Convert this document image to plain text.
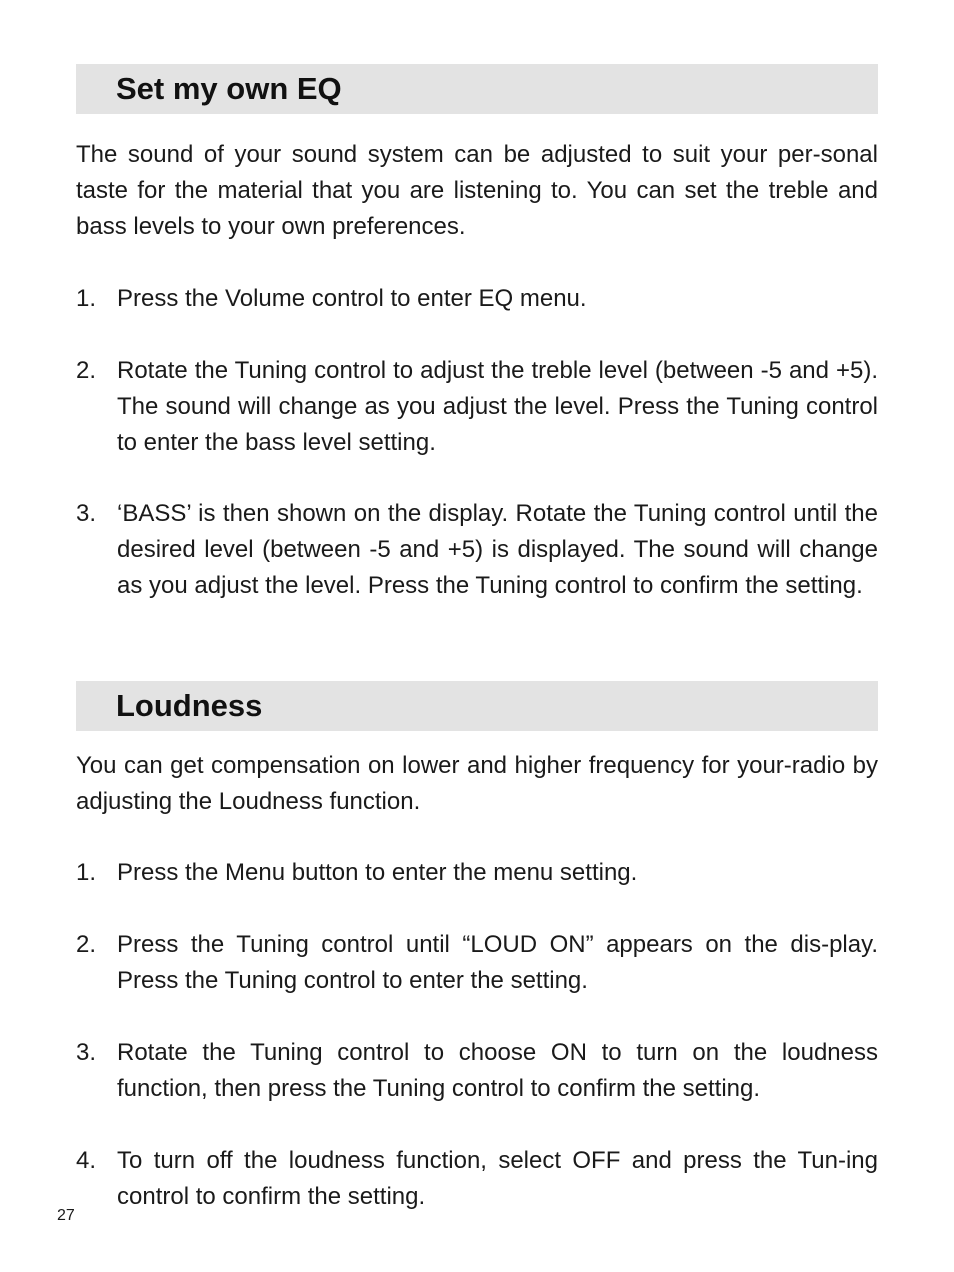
Set my own EQ

The sound of your sound system can be adjusted to suit your per-sonal taste for the material that you are listening to. You can set the treble and bass levels to your own preferences.

1. Press the Volume control to enter EQ menu.
2. Rotate the Tuning control to adjust the treble level (between -5 and +5). The sound will change as you adjust the level. Press the Tuning control to enter the bass level setting.
3. ‘BASS’ is then shown on the display. Rotate the Tuning control until the desired level (between -5 and +5) is displayed. The sound will change as you adjust the level. Press the Tuning control to confirm the setting.
Loudness

You can get compensation on lower and higher frequency for your-radio by adjusting the Loudness function.

1. Press the Menu button to enter the menu setting.
2. Press the Tuning control until “LOUD ON” appears on the dis-play. Press the Tuning control to enter the setting.
3. Rotate the Tuning control to choose ON to turn on the loudness function, then press the Tuning control to confirm the setting.
4. To turn off the loudness function, select OFF and press the Tun-ing control to confirm the setting.
27
